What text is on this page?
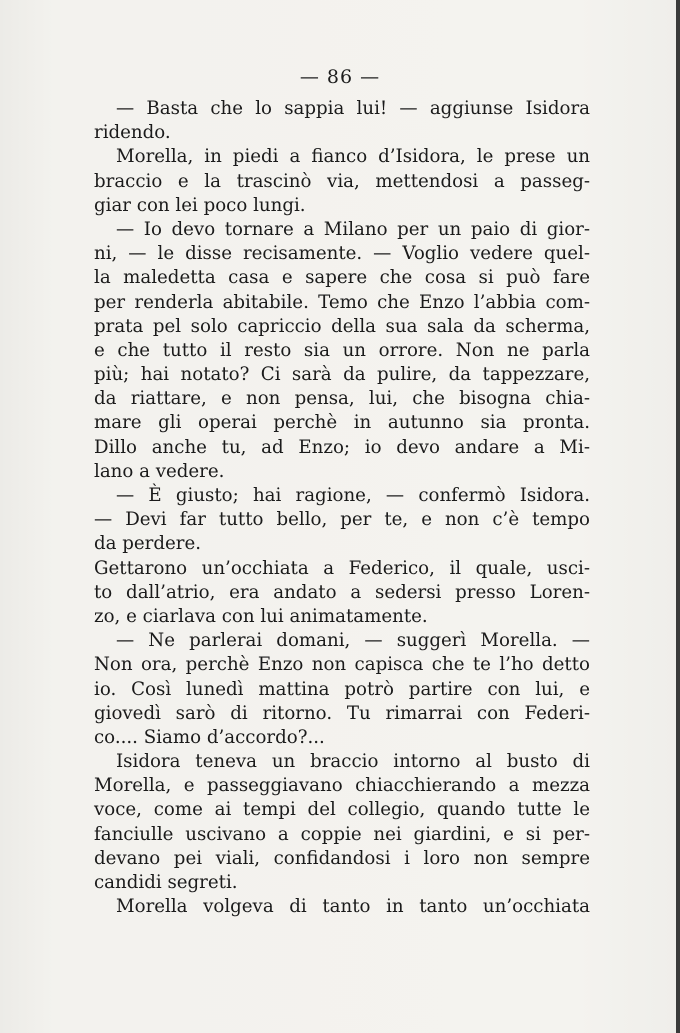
— 86 —
— Basta che lo sappia lui! — aggiunse Isidora
ridendo.
Morella, in piedi a fianco d’Isidora, le prese un
braccio e la trascinò via, mettendosi a passeg-
giar con lei poco lungi.
— Io devo tornare a Milano per un paio di gior-
ni, — le disse recisamente. — Voglio vedere quel-
la maledetta casa e sapere che cosa si può fare
per renderla abitabile. Temo che Enzo l’abbia com-
prata pel solo capriccio della sua sala da scherma,
e che tutto il resto sia un orrore. Non ne parla
più; hai notato? Ci sarà da pulire, da tappezzare,
da riattare, e non pensa, lui, che bisogna chia-
mare gli operai perchè in autunno sia pronta.
Dillo anche tu, ad Enzo; io devo andare a Mi-
lano a vedere.
— È giusto; hai ragione, — confermò Isidora.
— Devi far tutto bello, per te, e non c’è tempo
da perdere.
Gettarono un’occhiata a Federico, il quale, usci-
to dall’atrio, era andato a sedersi presso Loren-
zo, e ciarlava con lui animatamente.
— Ne parlerai domani, — suggerì Morella. —
Non ora, perchè Enzo non capisca che te l’ho detto
io. Così lunedì mattina potrò partire con lui, e
giovedì sarò di ritorno. Tu rimarrai con Federi-
co.... Siamo d’accordo?...
Isidora teneva un braccio intorno al busto di
Morella, e passeggiavano chiacchierando a mezza
voce, come ai tempi del collegio, quando tutte le
fanciulle uscivano a coppie nei giardini, e si per-
devano pei viali, confidandosi i loro non sempre
candidi segreti.
Morella volgeva di tanto in tanto un’occhiata
